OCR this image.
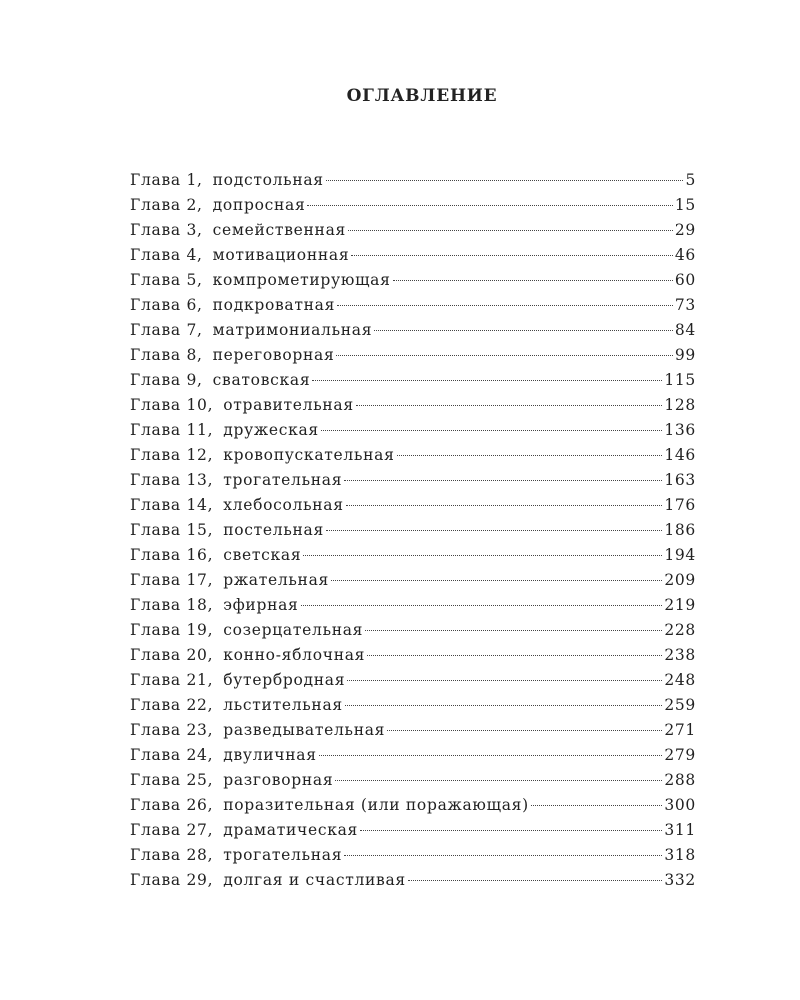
ОГЛАВЛЕНИЕ
Глава 1, подстольная	5
Глава 2, допросная	15
Глава 3, семейственная	29
Глава 4, мотивационная	46
Глава 5, компрометирующая	60
Глава 6, подкроватная	73
Глава 7, матримониальная	84
Глава 8, переговорная	99
Глава 9, сватовская	115
Глава 10, отравительная	128
Глава 11, дружеская	136
Глава 12, кровопускательная	146
Глава 13, трогательная	163
Глава 14, хлебосольная	176
Глава 15, постельная	186
Глава 16, светская	194
Глава 17, ржательная	209
Глава 18, эфирная	219
Глава 19, созерцательная	228
Глава 20, конно-яблочная	238
Глава 21, бутербродная	248
Глава 22, льстительная	259
Глава 23, разведывательная	271
Глава 24, двуличная	279
Глава 25, разговорная	288
Глава 26, поразительная (или поражающая)	300
Глава 27, драматическая	311
Глава 28, трогательная	318
Глава 29, долгая и счастливая	332
